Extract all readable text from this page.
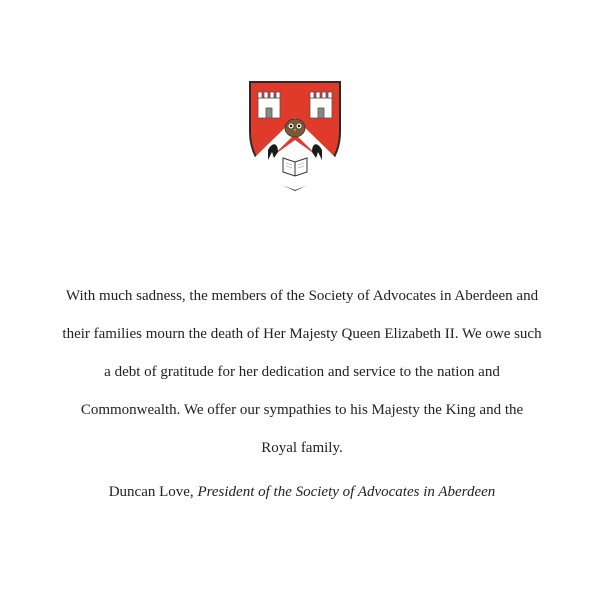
With much sadness, the members of the Society of Advocates in Aberdeen and
their families mourn the death of Her Majesty Queen Elizabeth II. We owe such
a debt of gratitude for her dedication and service to the nation and
Commonwealth. We offer our sympathies to his Majesty the King and the
Royal family.

Duncan Love, President of the Society of Advocates in Aberdeen
